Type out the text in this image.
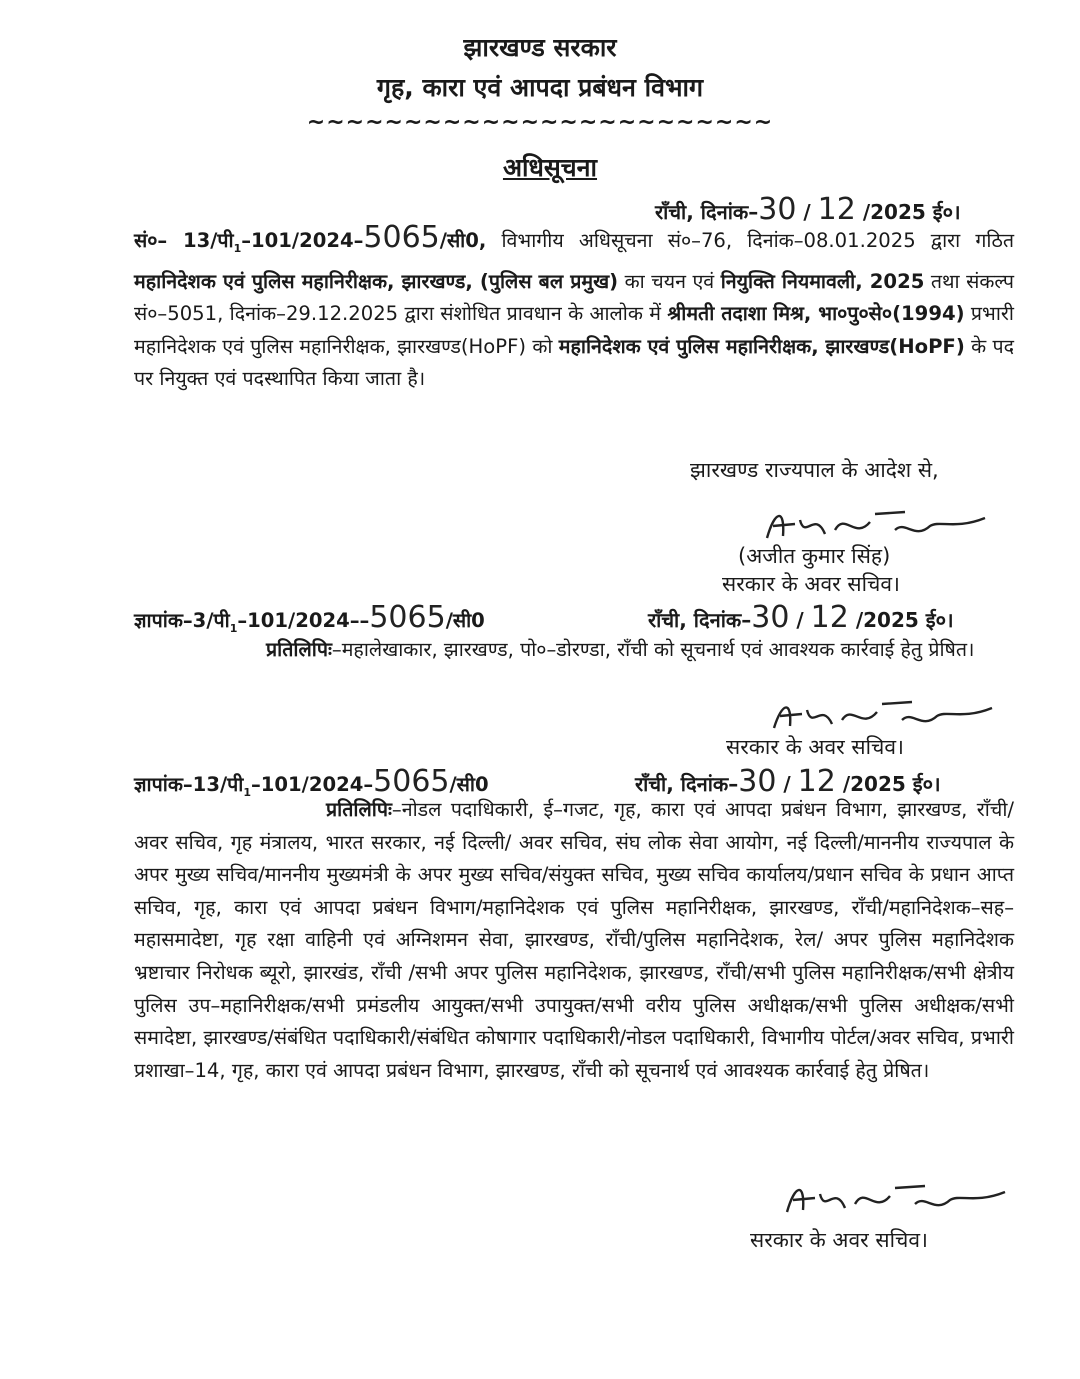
झारखण्ड सरकार
गृह, कारा एवं आपदा प्रबंधन विभाग
~~~~~~~~~~~~~~~~~~~~~~~~
अधिसूचना
राँची, दिनांक–30 / 12 /2025 ई०।
सं०– $13/पी_1-101/2024-5065/सी0$, विभागीय अधिसूचना सं०–76, दिनांक–08.01.2025 द्वारा गठित महानिदेशक एवं पुलिस महानिरीक्षक, झारखण्ड, (पुलिस बल प्रमुख) का चयन एवं नियुक्ति नियमावली, 2025 तथा संकल्प सं०–5051, दिनांक–29.12.2025 द्वारा संशोधित प्रावधान के आलोक में श्रीमती तदाशा मिश्र, भा०पु०से०(1994) प्रभारी महानिदेशक एवं पुलिस महानिरीक्षक, झारखण्ड(HoPF) को महानिदेशक एवं पुलिस महानिरीक्षक, झारखण्ड(HoPF) के पद पर नियुक्त एवं पदस्थापित किया जाता है।
झारखण्ड राज्यपाल के आदेश से,
(अजीत कुमार सिंह)
सरकार के अवर सचिव।
$ज्ञापांक-3/पी_1-101/2024--5065/सी0$	राँची, दिनांक–30 / 12 /2025 ई०।
प्रतिलिपिः–महालेखाकार, झारखण्ड, पो०–डोरण्डा, राँची को सूचनार्थ एवं आवश्यक कार्रवाई हेतु प्रेषित।
सरकार के अवर सचिव।
$ज्ञापांक-13/पी_1-101/2024-5065/सी0$	राँची, दिनांक–30 / 12 /2025 ई०।
प्रतिलिपिः–नोडल पदाधिकारी, ई–गजट, गृह, कारा एवं आपदा प्रबंधन विभाग, झारखण्ड, राँची/अवर सचिव, गृह मंत्रालय, भारत सरकार, नई दिल्ली/ अवर सचिव, संघ लोक सेवा आयोग, नई दिल्ली/माननीय राज्यपाल के अपर मुख्य सचिव/माननीय मुख्यमंत्री के अपर मुख्य सचिव/संयुक्त सचिव, मुख्य सचिव कार्यालय/प्रधान सचिव के प्रधान आप्त सचिव, गृह, कारा एवं आपदा प्रबंधन विभाग/महानिदेशक एवं पुलिस महानिरीक्षक, झारखण्ड, राँची/महानिदेशक–सह–महासमादेष्टा, गृह रक्षा वाहिनी एवं अग्निशमन सेवा, झारखण्ड, राँची/पुलिस महानिदेशक, रेल/ अपर पुलिस महानिदेशक भ्रष्टाचार निरोधक ब्यूरो, झारखंड, राँची /सभी अपर पुलिस महानिदेशक, झारखण्ड, राँची/सभी पुलिस महानिरीक्षक/सभी क्षेत्रीय पुलिस उप–महानिरीक्षक/सभी प्रमंडलीय आयुक्त/सभी उपायुक्त/सभी वरीय पुलिस अधीक्षक/सभी पुलिस अधीक्षक/सभी समादेष्टा, झारखण्ड/संबंधित पदाधिकारी/संबंधित कोषागार पदाधिकारी/नोडल पदाधिकारी, विभागीय पोर्टल/अवर सचिव, प्रभारी प्रशाखा–14, गृह, कारा एवं आपदा प्रबंधन विभाग, झारखण्ड, राँची को सूचनार्थ एवं आवश्यक कार्रवाई हेतु प्रेषित।
सरकार के अवर सचिव।
